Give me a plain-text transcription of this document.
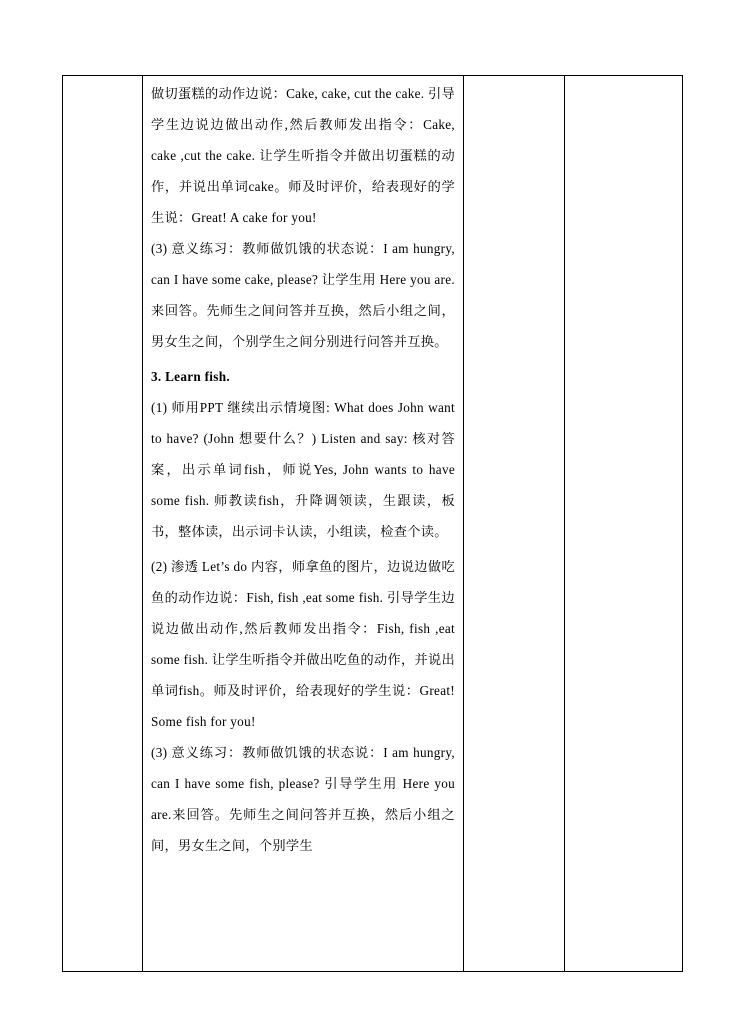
做切蛋糕的动作边说：Cake, cake, cut the cake. 引导学生边说边做出动作,然后教师发出指令：Cake, cake ,cut the cake. 让学生听指令并做出切蛋糕的动作，并说出单词cake。师及时评价，给表现好的学生说：Great! A cake for you!

(3) 意义练习：教师做饥饿的状态说：I am hungry, can I have some cake, please? 让学生用 Here you are. 来回答。先师生之间问答并互换，然后小组之间，男女生之间，个别学生之间分别进行问答并互换。

3. Learn fish.

(1) 师用PPT 继续出示情境图: What does John want to have? (John 想要什么？) Listen and say: 核对答案，出示单词fish，师说Yes, John wants to have some fish. 师教读fish，升降调领读，生跟读，板书，整体读，出示词卡认读，小组读，检查个读。

(2) 渗透 Let’s do 内容，师拿鱼的图片，边说边做吃鱼的动作边说：Fish, fish ,eat some fish. 引导学生边说边做出动作,然后教师发出指令：Fish, fish ,eat some fish. 让学生听指令并做出吃鱼的动作，并说出单词fish。师及时评价，给表现好的学生说：Great! Some fish for you!

(3) 意义练习：教师做饥饿的状态说：I am hungry, can I have some fish, please? 引导学生用 Here you are.来回答。先师生之间问答并互换，然后小组之间，男女生之间，个别学生
